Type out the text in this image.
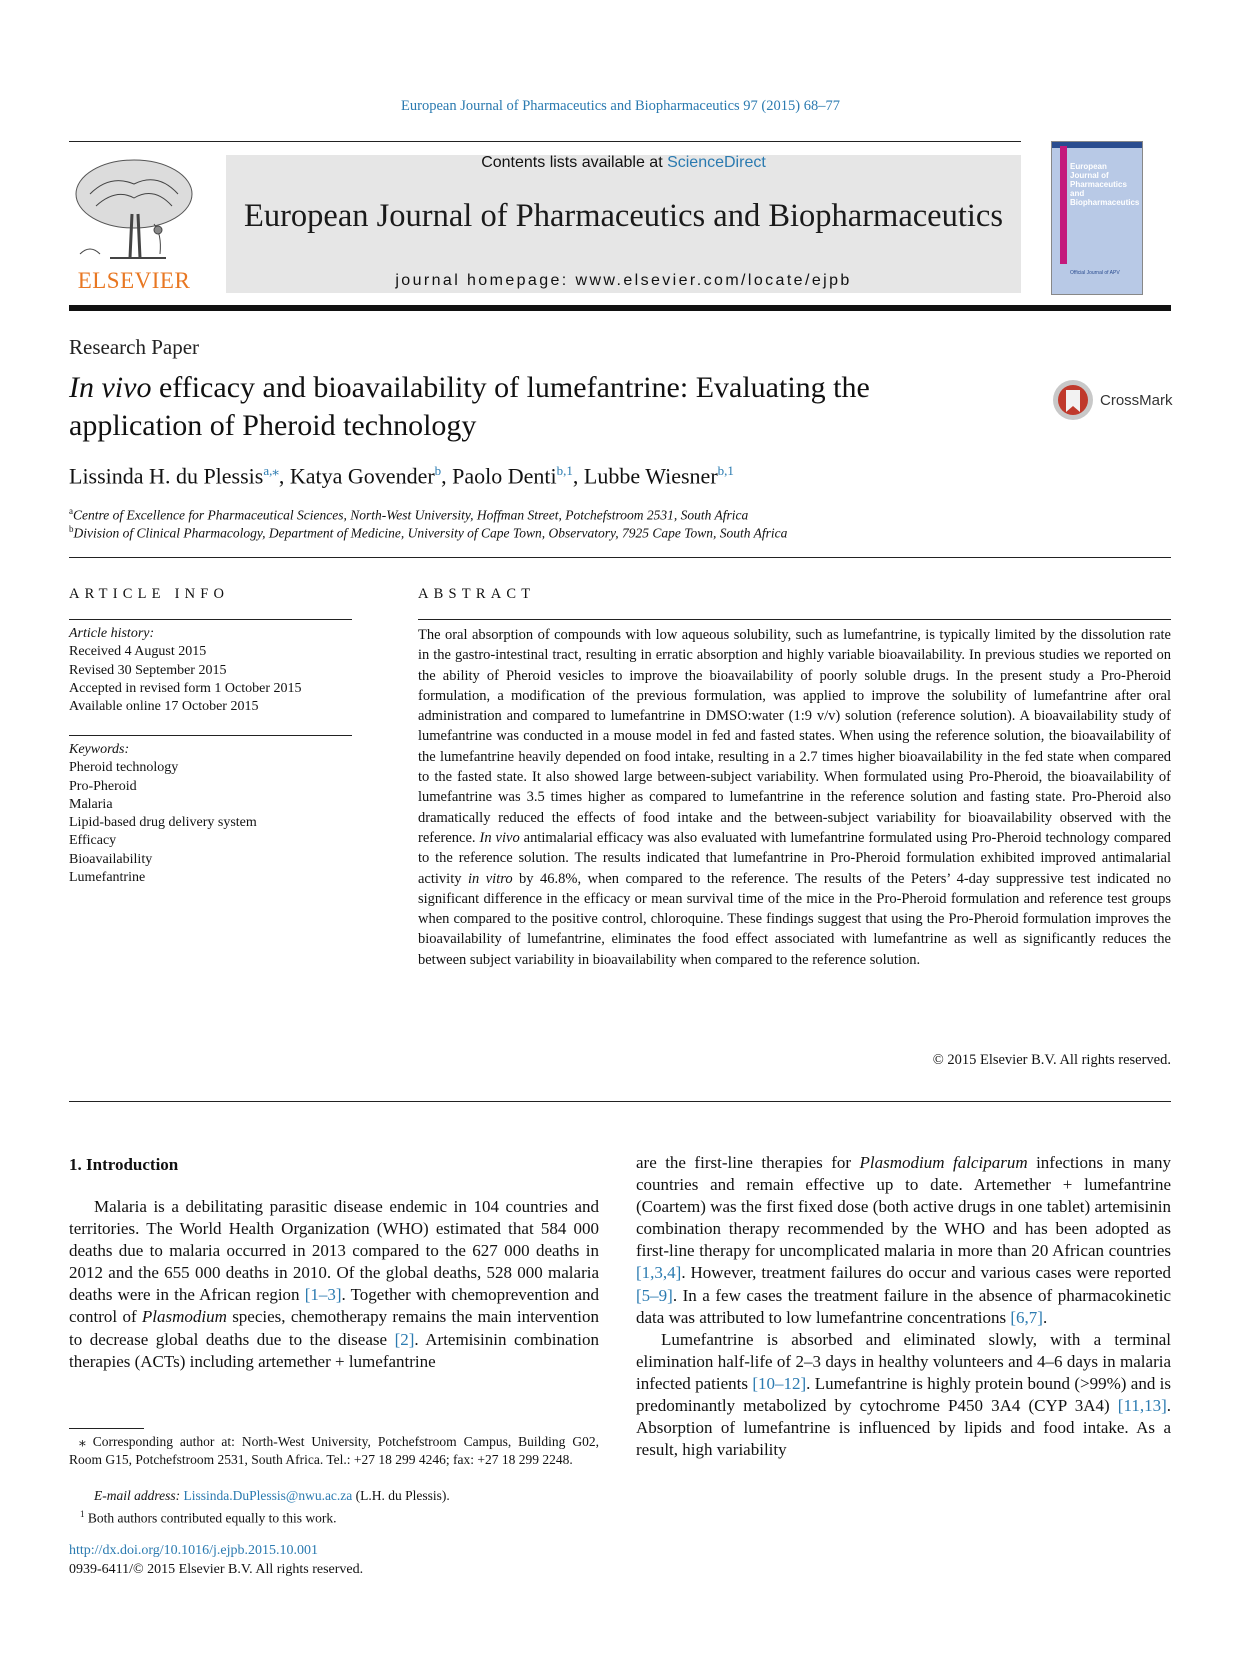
European Journal of Pharmaceutics and Biopharmaceutics 97 (2015) 68–77
ELSEVIER
Contents lists available at ScienceDirect
European Journal of Pharmaceutics and Biopharmaceutics
journal homepage: www.elsevier.com/locate/ejpb
European
Journal of
Pharmaceutics and
Biopharmaceutics
Official Journal of APV
Research Paper
In vivo efficacy and bioavailability of lumefantrine: Evaluating the
application of Pheroid technology
CrossMark
Lissinda H. du Plessis$^{a,⁎}$, Katya Govender$^b$, Paolo Denti$^{b,1}$, Lubbe Wiesner$^{b,1}$
$^a$Centre of Excellence for Pharmaceutical Sciences, North-West University, Hoffman Street, Potchefstroom 2531, South Africa
$^b$Division of Clinical Pharmacology, Department of Medicine, University of Cape Town, Observatory, 7925 Cape Town, South Africa
ARTICLE INFO
Article history:
Received 4 August 2015
Revised 30 September 2015
Accepted in revised form 1 October 2015
Available online 17 October 2015
Keywords:
Pheroid technology
Pro-Pheroid
Malaria
Lipid-based drug delivery system
Efficacy
Bioavailability
Lumefantrine
ABSTRACT
The oral absorption of compounds with low aqueous solubility, such as lumefantrine, is typically limited by the dissolution rate in the gastro-intestinal tract, resulting in erratic absorption and highly variable bioavailability. In previous studies we reported on the ability of Pheroid vesicles to improve the bioavailability of poorly soluble drugs. In the present study a Pro-Pheroid formulation, a modification of the previous formulation, was applied to improve the solubility of lumefantrine after oral administration and compared to lumefantrine in DMSO:water (1:9 v/v) solution (reference solution). A bioavailability study of lumefantrine was conducted in a mouse model in fed and fasted states. When using the reference solution, the bioavailability of the lumefantrine heavily depended on food intake, resulting in a 2.7 times higher bioavailability in the fed state when compared to the fasted state. It also showed large between-subject variability. When formulated using Pro-Pheroid, the bioavailability of lumefantrine was 3.5 times higher as compared to lumefantrine in the reference solution and fasting state. Pro-Pheroid also dramatically reduced the effects of food intake and the between-subject variability for bioavailability observed with the reference. In vivo antimalarial efficacy was also evaluated with lumefantrine formulated using Pro-Pheroid technology compared to the reference solution. The results indicated that lumefantrine in Pro-Pheroid formulation exhibited improved antimalarial activity in vitro by 46.8%, when compared to the reference. The results of the Peters’ 4-day suppressive test indicated no significant difference in the efficacy or mean survival time of the mice in the Pro-Pheroid formulation and reference test groups when compared to the positive control, chloroquine. These findings suggest that using the Pro-Pheroid formulation improves the bioavailability of lumefantrine, eliminates the food effect associated with lumefantrine as well as significantly reduces the between subject variability in bioavailability when compared to the reference solution.
© 2015 Elsevier B.V. All rights reserved.
1. Introduction

Malaria is a debilitating parasitic disease endemic in 104 countries and territories. The World Health Organization (WHO) estimated that 584 000 deaths due to malaria occurred in 2013 compared to the 627 000 deaths in 2012 and the 655 000 deaths in 2010. Of the global deaths, 528 000 malaria deaths were in the African region [1–3]. Together with chemoprevention and control of Plasmodium species, chemotherapy remains the main intervention to decrease global deaths due to the disease [2]. Artemisinin combination therapies (ACTs) including artemether + lumefantrine

are the first-line therapies for Plasmodium falciparum infections in many countries and remain effective up to date. Artemether + lumefantrine (Coartem) was the first fixed dose (both active drugs in one tablet) artemisinin combination therapy recommended by the WHO and has been adopted as first-line therapy for uncomplicated malaria in more than 20 African countries [1,3,4]. However, treatment failures do occur and various cases were reported [5–9]. In a few cases the treatment failure in the absence of pharmacokinetic data was attributed to low lumefantrine concentrations [6,7].

Lumefantrine is absorbed and eliminated slowly, with a terminal elimination half-life of 2–3 days in healthy volunteers and 4–6 days in malaria infected patients [10–12]. Lumefantrine is highly protein bound (>99%) and is predominantly metabolized by cytochrome P450 3A4 (CYP 3A4) [11,13]. Absorption of lumefantrine is influenced by lipids and food intake. As a result, high variability

⁎ Corresponding author at: North-West University, Potchefstroom Campus, Building G02, Room G15, Potchefstroom 2531, South Africa. Tel.: +27 18 299 4246; fax: +27 18 299 2248.
E-mail address: Lissinda.DuPlessis@nwu.ac.za (L.H. du Plessis).
$^1$ Both authors contributed equally to this work.
http://dx.doi.org/10.1016/j.ejpb.2015.10.001
0939-6411/© 2015 Elsevier B.V. All rights reserved.
